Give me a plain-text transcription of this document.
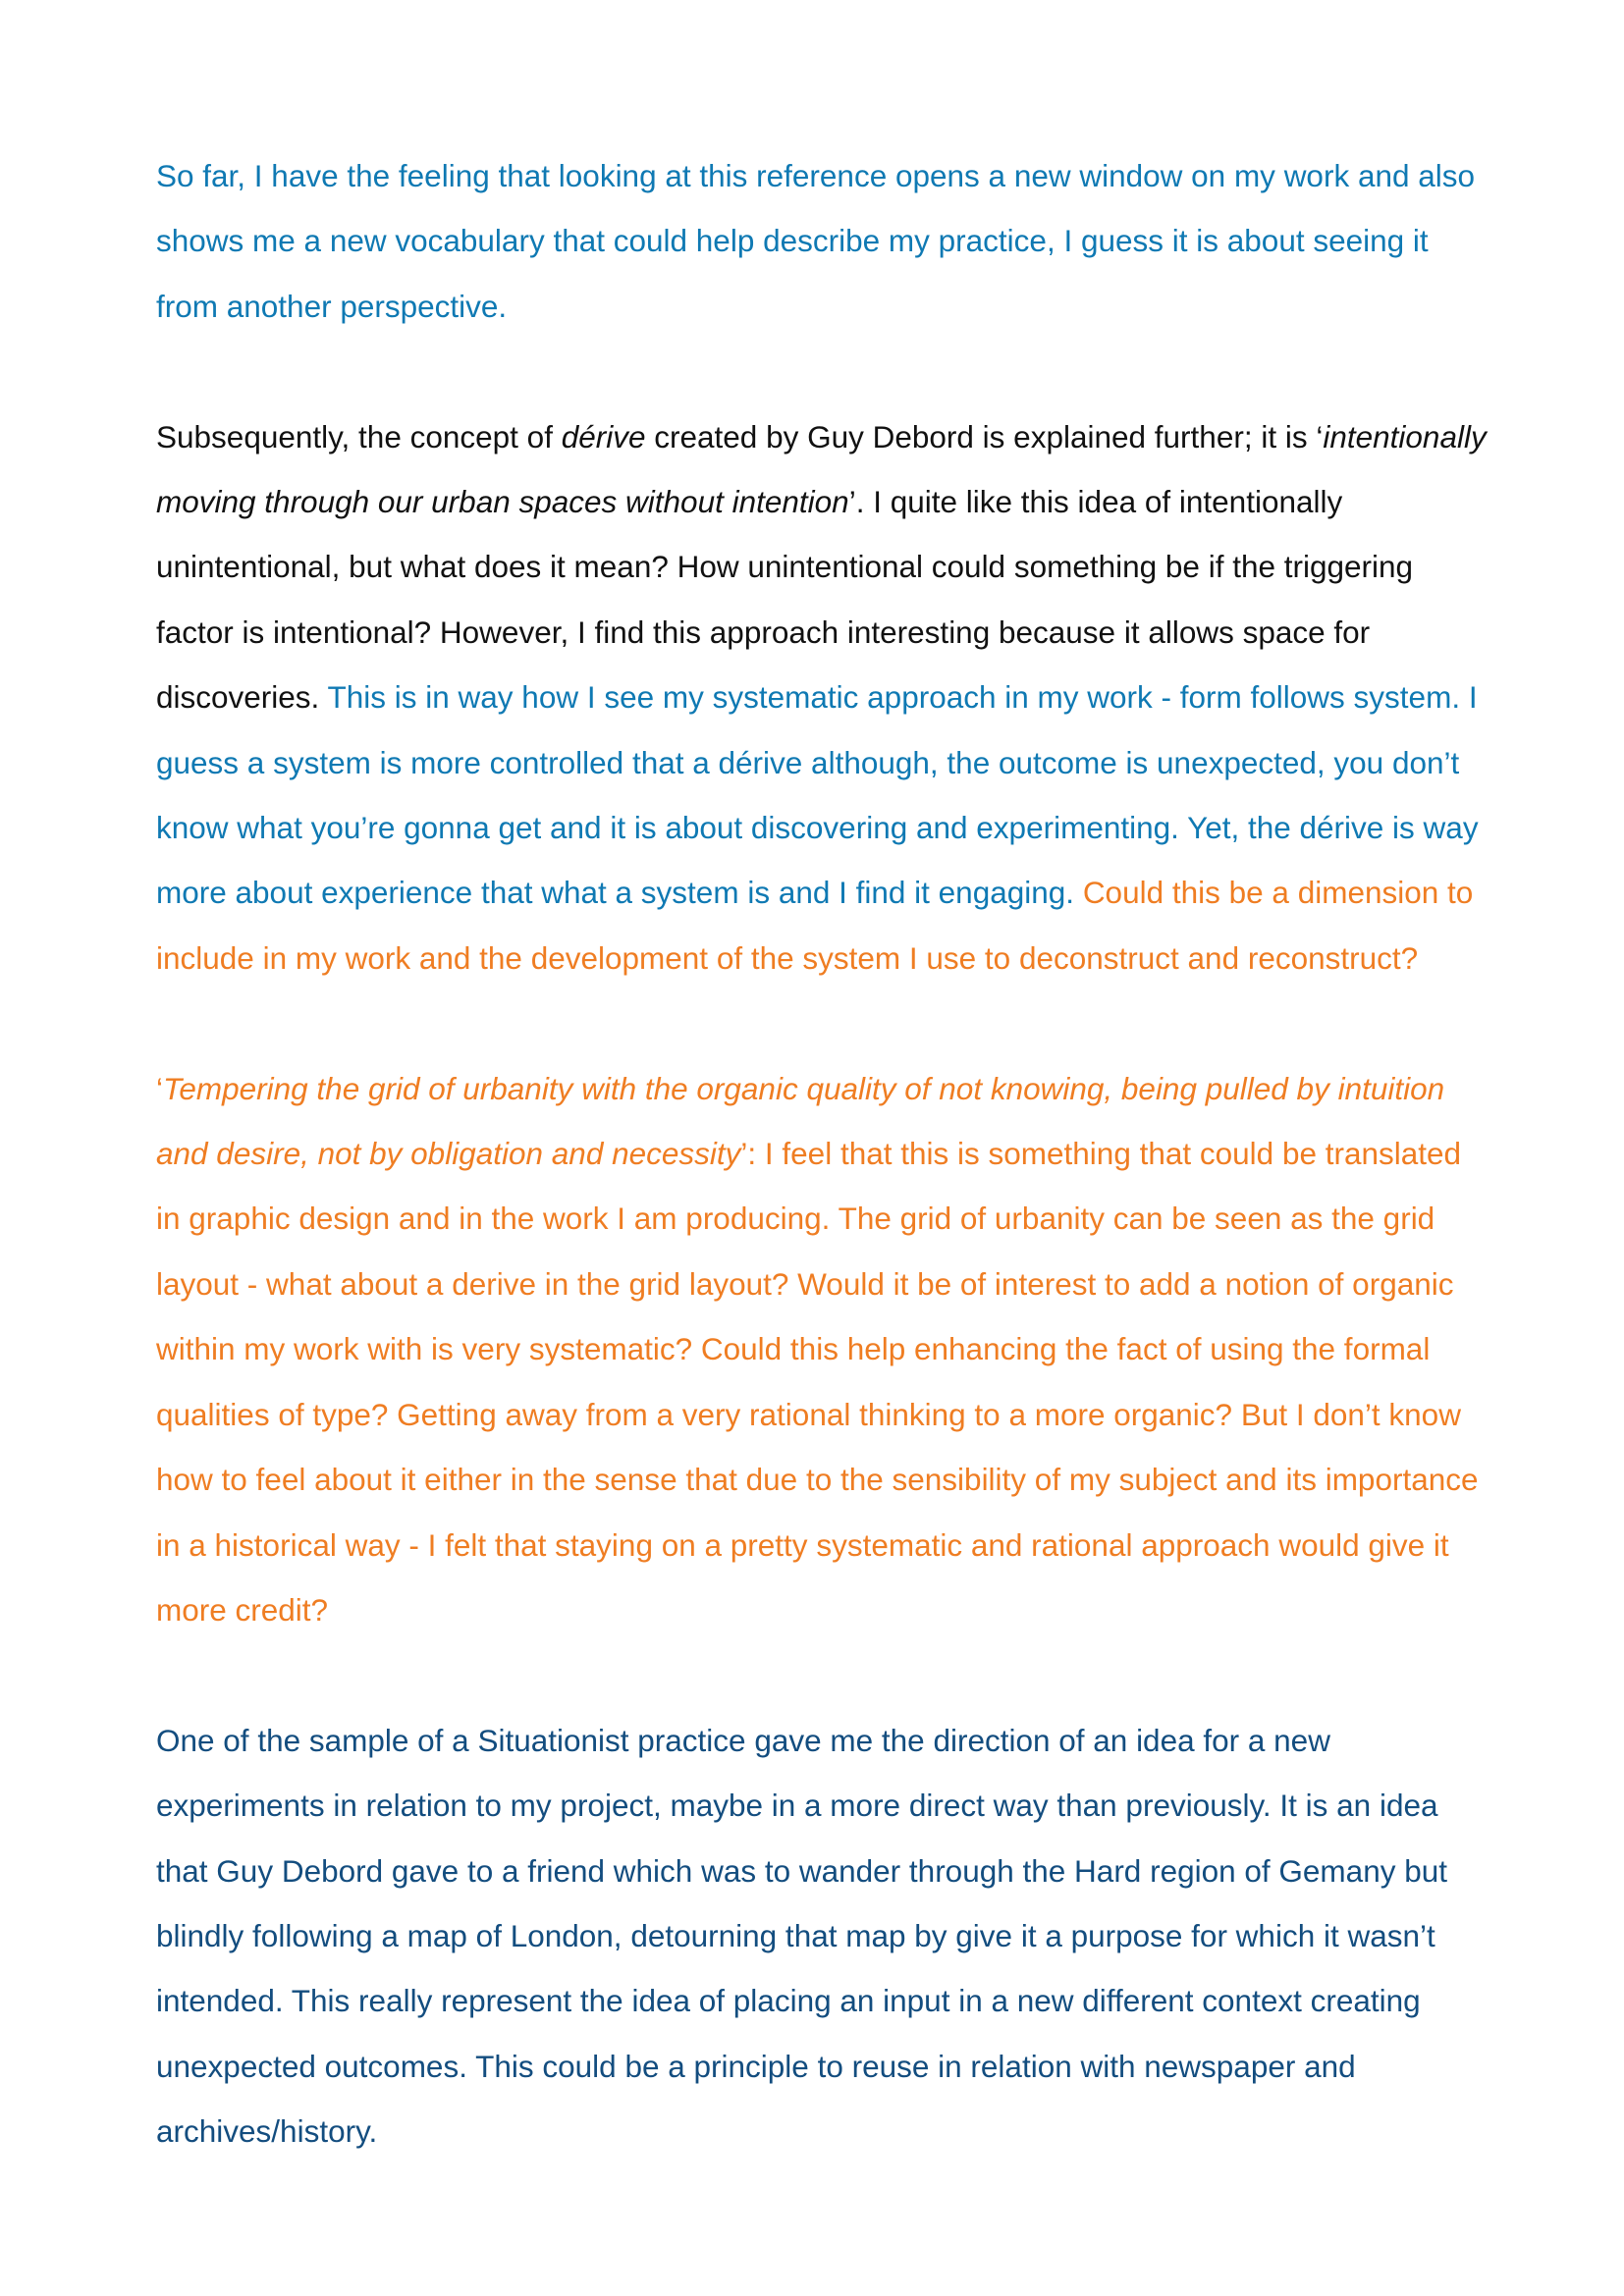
So far, I have the feeling that looking at this reference opens a new window on my work and also shows me a new vocabulary that could help describe my practice, I guess it is about seeing it from another perspective.

Subsequently, the concept of dérive created by Guy Debord is explained further; it is ‘intentionally moving through our urban spaces without intention’. I quite like this idea of intentionally unintentional, but what does it mean? How unintentional could something be if the triggering factor is intentional? However, I find this approach interesting because it allows space for discoveries. This is in way how I see my systematic approach in my work - form follows system. I guess a system is more controlled that a dérive although, the outcome is unexpected, you don’t know what you’re gonna get and it is about discovering and experimenting. Yet, the dérive is way more about experience that what a system is and I find it engaging. Could this be a dimension to include in my work and the development of the system I use to deconstruct and reconstruct?

‘Tempering the grid of urbanity with the organic quality of not knowing, being pulled by intuition and desire, not by obligation and necessity’: I feel that this is something that could be translated in graphic design and in the work I am producing. The grid of urbanity can be seen as the grid layout - what about a derive in the grid layout? Would it be of interest to add a notion of organic within my work with is very systematic? Could this help enhancing the fact of using the formal qualities of type? Getting away from a very rational thinking to a more organic? But I don’t know how to feel about it either in the sense that due to the sensibility of my subject and its importance in a historical way - I felt that staying on a pretty systematic and rational approach would give it more credit?

One of the sample of a Situationist practice gave me the direction of an idea for a new experiments in relation to my project, maybe in a more direct way than previously. It is an idea that Guy Debord gave to a friend which was to wander through the Hard region of Gemany but blindly following a map of London, detourning that map by give it a purpose for which it wasn’t intended. This really represent the idea of placing an input in a new different context creating unexpected outcomes. This could be a principle to reuse in relation with newspaper and archives/history.
